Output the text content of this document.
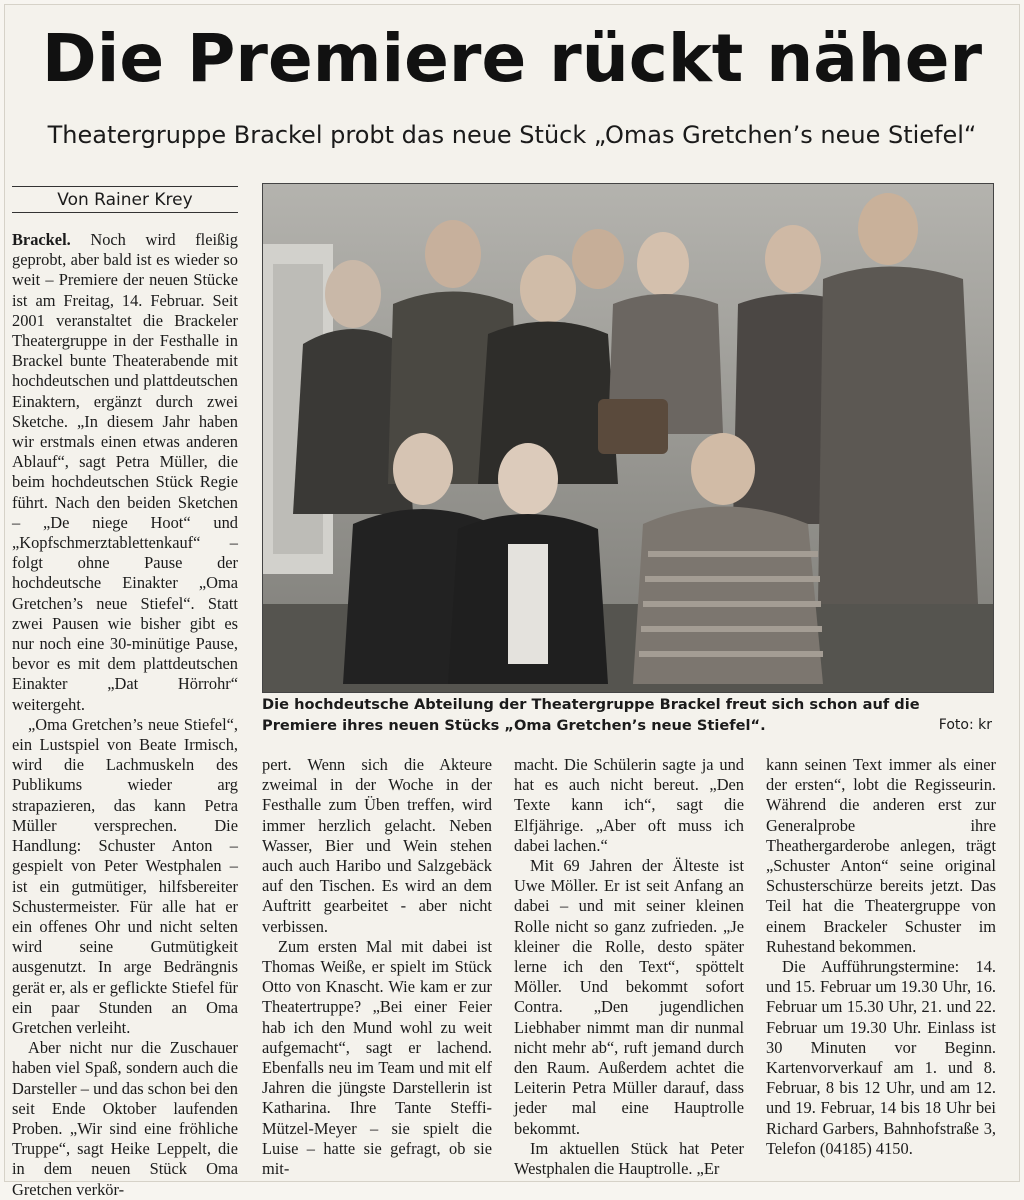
Die Premiere rückt näher
Theatergruppe Brackel probt das neue Stück „Omas Gretchen’s neue Stiefel“
Von Rainer Krey

Brackel. Noch wird fleißig geprobt, aber bald ist es wieder so weit – Premiere der neuen Stücke ist am Freitag, 14. Februar. Seit 2001 veranstaltet die Brackeler Theatergruppe in der Festhalle in Brackel bunte Theaterabende mit hochdeutschen und plattdeutschen Einaktern, ergänzt durch zwei Sketche. „In diesem Jahr haben wir erstmals einen etwas anderen Ablauf“, sagt Petra Müller, die beim hochdeutschen Stück Regie führt. Nach den beiden Sketchen – „De niege Hoot“ und „Kopfschmerztablettenkauf“ – folgt ohne Pause der hochdeutsche Einakter „Oma Gretchen’s neue Stiefel“. Statt zwei Pausen wie bisher gibt es nur noch eine 30-minütige Pause, bevor es mit dem plattdeutschen Einakter „Dat Hörrohr“ weitergeht.

„Oma Gretchen’s neue Stiefel“, ein Lustspiel von Beate Irmisch, wird die Lachmuskeln des Publikums wieder arg strapazieren, das kann Petra Müller versprechen. Die Handlung: Schuster Anton – gespielt von Peter Westphalen – ist ein gutmütiger, hilfsbereiter Schustermeister. Für alle hat er ein offenes Ohr und nicht selten wird seine Gutmütigkeit ausgenutzt. In arge Bedrängnis gerät er, als er geflickte Stiefel für ein paar Stunden an Oma Gretchen verleiht.

Aber nicht nur die Zuschauer haben viel Spaß, sondern auch die Darsteller – und das schon bei den seit Ende Oktober laufenden Proben. „Wir sind eine fröhliche Truppe“, sagt Heike Leppelt, die in dem neuen Stück Oma Gretchen verkör-

Die hochdeutsche Abteilung der Theatergruppe Brackel freut sich schon auf die Premiere ihres neuen Stücks „Oma Gretchen’s neue Stiefel“.	Foto: kr

pert. Wenn sich die Akteure zweimal in der Woche in der Festhalle zum Üben treffen, wird immer herzlich gelacht. Neben Wasser, Bier und Wein stehen auch auch Haribo und Salzgebäck auf den Tischen. Es wird an dem Auftritt gearbeitet - aber nicht verbissen.

Zum ersten Mal mit dabei ist Thomas Weiße, er spielt im Stück Otto von Knascht. Wie kam er zur Theatertruppe? „Bei einer Feier hab ich den Mund wohl zu weit aufgemacht“, sagt er lachend. Ebenfalls neu im Team und mit elf Jahren die jüngste Darstellerin ist Katharina. Ihre Tante Steffi-Mützel-Meyer – sie spielt die Luise – hatte sie gefragt, ob sie mit-

macht. Die Schülerin sagte ja und hat es auch nicht bereut. „Den Texte kann ich“, sagt die Elfjährige. „Aber oft muss ich dabei lachen.“

Mit 69 Jahren der Älteste ist Uwe Möller. Er ist seit Anfang an dabei – und mit seiner kleinen Rolle nicht so ganz zufrieden. „Je kleiner die Rolle, desto später lerne ich den Text“, spöttelt Möller. Und bekommt sofort Contra. „Den jugendlichen Liebhaber nimmt man dir nunmal nicht mehr ab“, ruft jemand durch den Raum. Außerdem achtet die Leiterin Petra Müller darauf, dass jeder mal eine Hauptrolle bekommt.

Im aktuellen Stück hat Peter Westphalen die Hauptrolle. „Er

kann seinen Text immer als einer der ersten“, lobt die Regisseurin. Während die anderen erst zur Generalprobe ihre Theathergarderobe anlegen, trägt „Schuster Anton“ seine original Schusterschürze bereits jetzt. Das Teil hat die Theatergruppe von einem Brackeler Schuster im Ruhestand bekommen.

Die Aufführungstermine: 14. und 15. Februar um 19.30 Uhr, 16. Februar um 15.30 Uhr, 21. und 22. Februar um 19.30 Uhr. Einlass ist 30 Minuten vor Beginn. Kartenvorverkauf am 1. und 8. Februar, 8 bis 12 Uhr, und am 12. und 19. Februar, 14 bis 18 Uhr bei Richard Garbers, Bahnhofstraße 3, Telefon (04185) 4150.
